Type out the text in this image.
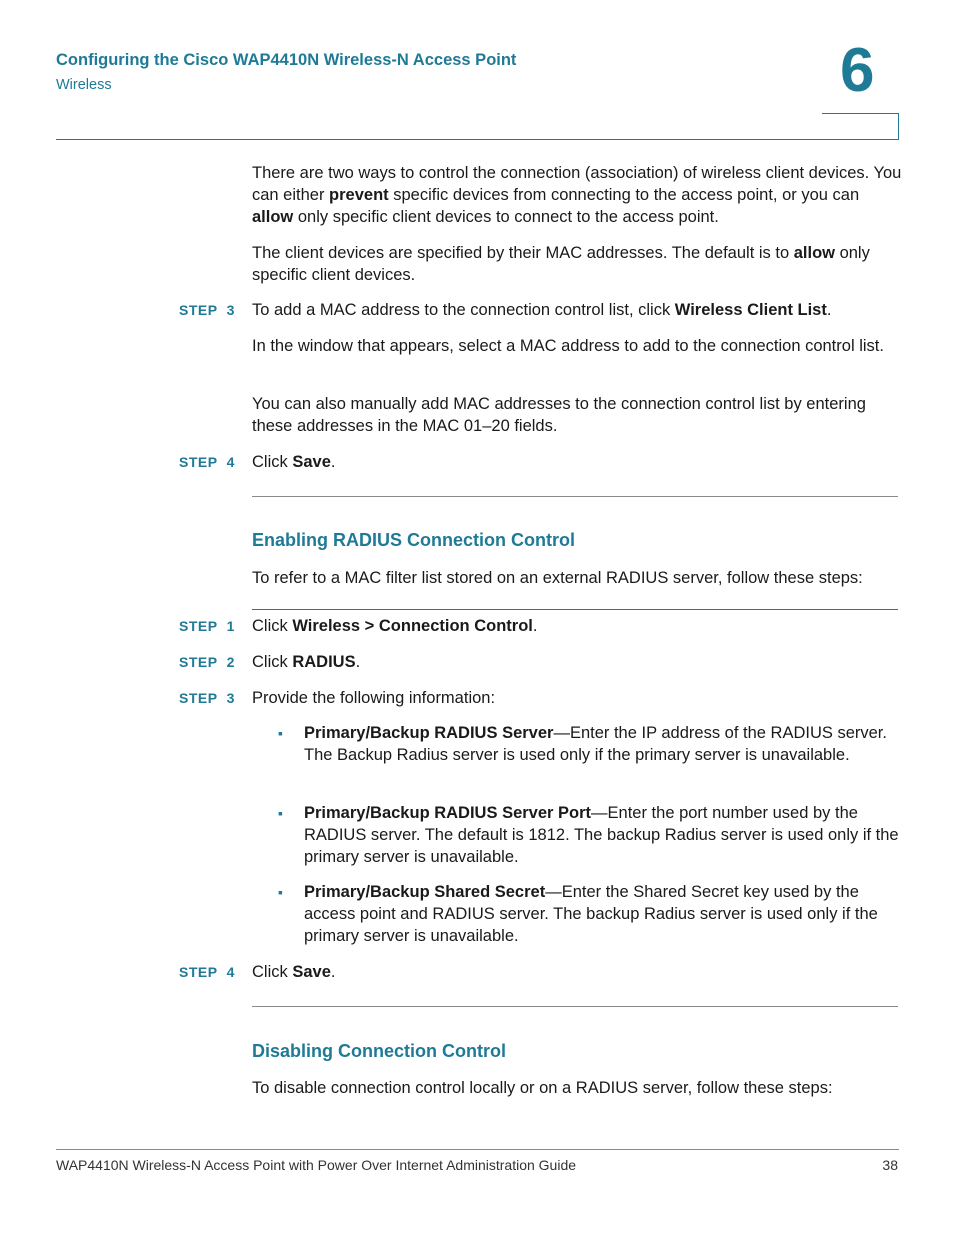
Configuring the Cisco WAP4410N Wireless-N Access Point
Wireless	6
There are two ways to control the connection (association) of wireless client devices. You can either prevent specific devices from connecting to the access point, or you can allow only specific client devices to connect to the access point.
The client devices are specified by their MAC addresses. The default is to allow only specific client devices.
STEP 3 To add a MAC address to the connection control list, click Wireless Client List.
In the window that appears, select a MAC address to add to the connection control list.
You can also manually add MAC addresses to the connection control list by entering these addresses in the MAC 01–20 fields.
STEP 4 Click Save.
Enabling RADIUS Connection Control
To refer to a MAC filter list stored on an external RADIUS server, follow these steps:
STEP 1 Click Wireless > Connection Control.
STEP 2 Click RADIUS.
STEP 3 Provide the following information:
▪ Primary/Backup RADIUS Server—Enter the IP address of the RADIUS server. The Backup Radius server is used only if the primary server is unavailable.
▪ Primary/Backup RADIUS Server Port—Enter the port number used by the RADIUS server. The default is 1812. The backup Radius server is used only if the primary server is unavailable.
▪ Primary/Backup Shared Secret—Enter the Shared Secret key used by the access point and RADIUS server. The backup Radius server is used only if the primary server is unavailable.
STEP 4 Click Save.
Disabling Connection Control
To disable connection control locally or on a RADIUS server, follow these steps:
WAP4410N Wireless-N Access Point with Power Over Internet Administration Guide	38
